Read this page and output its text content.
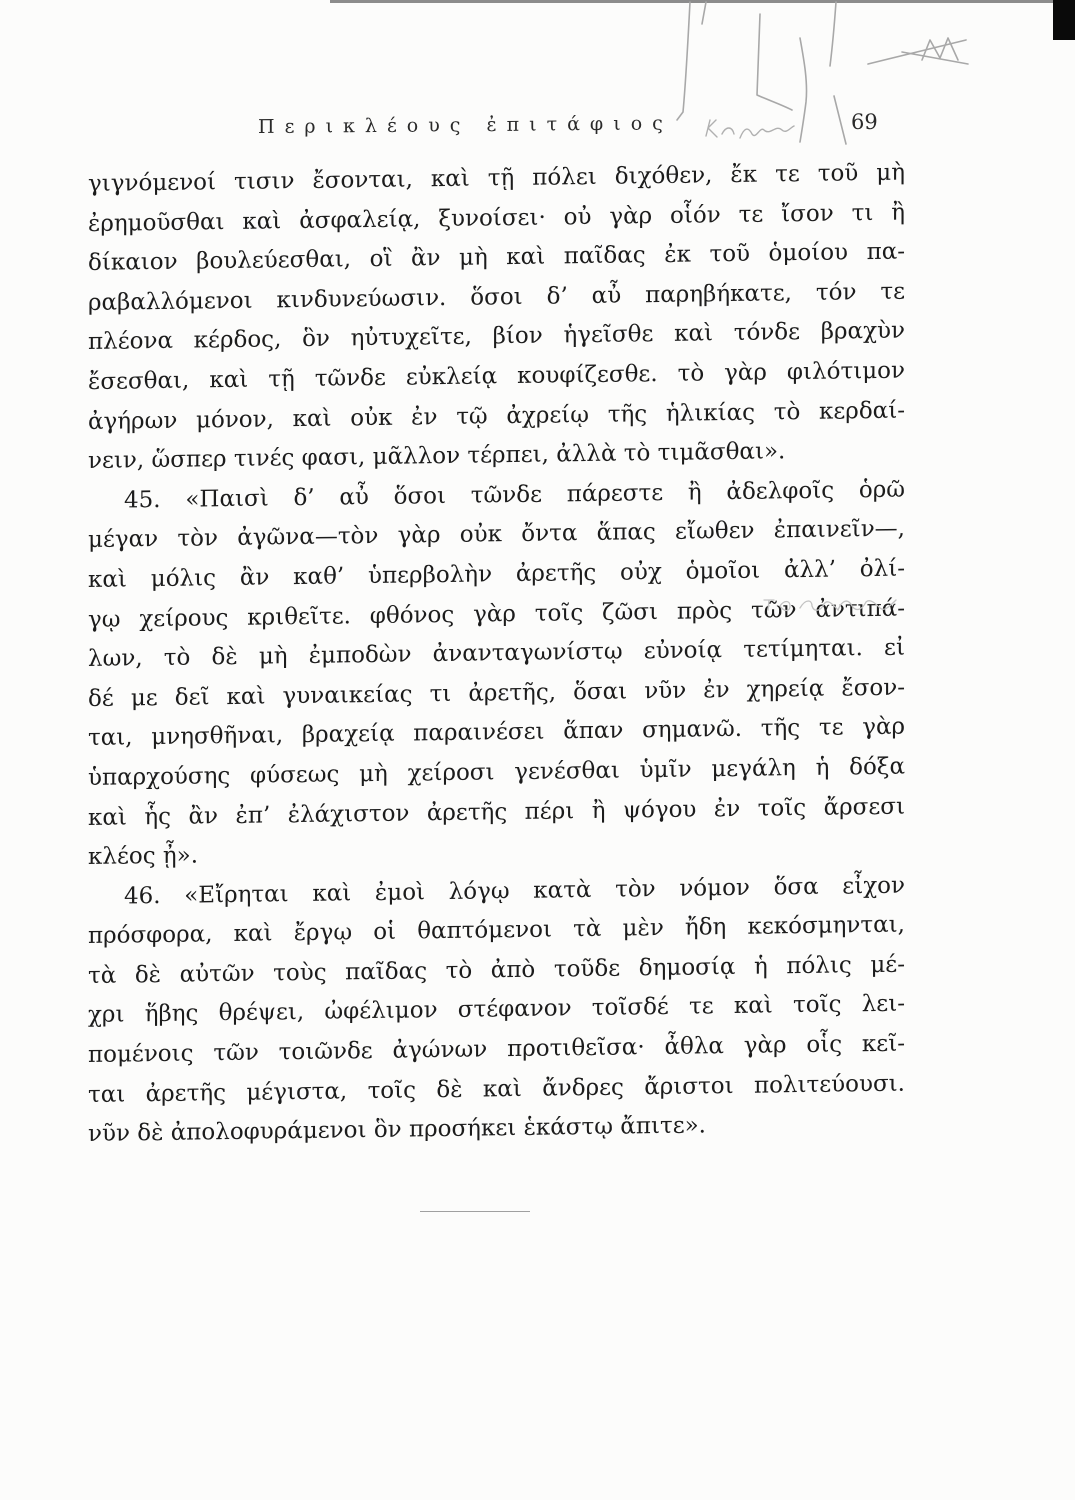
Περικλέους ἐπιτάφιος	69
γιγνόμενοί τισιν ἔσονται, καὶ τῇ πόλει διχόθεν, ἔκ τε τοῦ μὴ
ἐρημοῦσθαι καὶ ἀσφαλείᾳ, ξυνοίσει· οὐ γὰρ οἷόν τε ἴσον τι ἢ
δίκαιον βουλεύεσθαι, οἳ ἂν μὴ καὶ παῖδας ἐκ τοῦ ὁμοίου πα-
ραβαλλόμενοι κινδυνεύωσιν. ὅσοι δ’ αὖ παρηβήκατε, τόν τε
πλέονα κέρδος, ὃν ηὐτυχεῖτε, βίον ἡγεῖσθε καὶ τόνδε βραχὺν
ἔσεσθαι, καὶ τῇ τῶνδε εὐκλείᾳ κουφίζεσθε. τὸ γὰρ φιλότιμον
ἀγήρων μόνον, καὶ οὐκ ἐν τῷ ἀχρείῳ τῆς ἡλικίας τὸ κερδαί-
νειν, ὥσπερ τινές φασι, μᾶλλον τέρπει, ἀλλὰ τὸ τιμᾶσθαι».
45. «Παισὶ δ’ αὖ ὅσοι τῶνδε πάρεστε ἢ ἀδελφοῖς ὁρῶ
μέγαν τὸν ἀγῶνα—τὸν γὰρ οὐκ ὄντα ἅπας εἴωθεν ἐπαινεῖν—,
καὶ μόλις ἂν καθ’ ὑπερβολὴν ἀρετῆς οὐχ ὁμοῖοι ἀλλ’ ὀλί-
γῳ χείρους κριθεῖτε. φθόνος γὰρ τοῖς ζῶσι πρὸς τῶν ἀντιπά-
λων, τὸ δὲ μὴ ἐμποδὼν ἀνανταγωνίστῳ εὐνοίᾳ τετίμηται. εἰ
δέ με δεῖ καὶ γυναικείας τι ἀρετῆς, ὅσαι νῦν ἐν χηρείᾳ ἔσον-
ται, μνησθῆναι, βραχείᾳ παραινέσει ἅπαν σημανῶ. τῆς τε γὰρ
ὑπαρχούσης φύσεως μὴ χείροσι γενέσθαι ὑμῖν μεγάλη ἡ δόξα
καὶ ἧς ἂν ἐπ’ ἐλάχιστον ἀρετῆς πέρι ἢ ψόγου ἐν τοῖς ἄρσεσι
κλέος ᾖ».
46. «Εἴρηται καὶ ἐμοὶ λόγῳ κατὰ τὸν νόμον ὅσα εἶχον
πρόσφορα, καὶ ἔργῳ οἱ θαπτόμενοι τὰ μὲν ἤδη κεκόσμηνται,
τὰ δὲ αὐτῶν τοὺς παῖδας τὸ ἀπὸ τοῦδε δημοσίᾳ ἡ πόλις μέ-
χρι ἥβης θρέψει, ὠφέλιμον στέφανον τοῖσδέ τε καὶ τοῖς λει-
πομένοις τῶν τοιῶνδε ἀγώνων προτιθεῖσα· ἆθλα γὰρ οἷς κεῖ-
ται ἀρετῆς μέγιστα, τοῖς δὲ καὶ ἄνδρες ἄριστοι πολιτεύουσι.
νῦν δὲ ἀπολοφυράμενοι ὃν προσήκει ἑκάστῳ ἄπιτε».
